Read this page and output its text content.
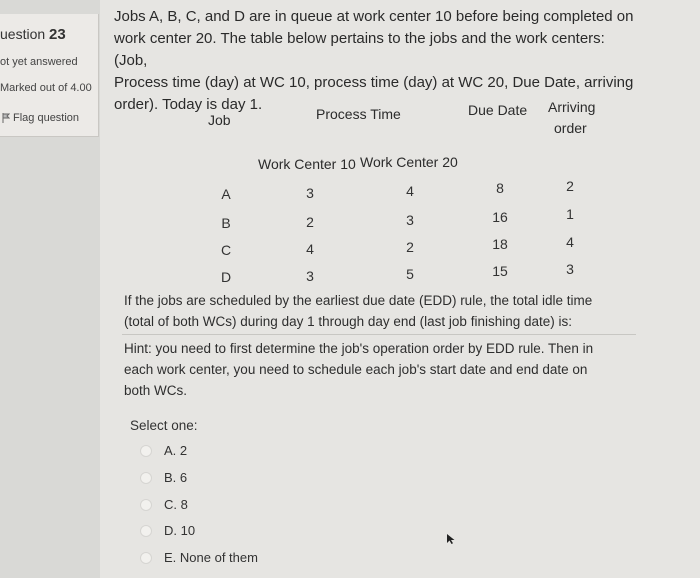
uestion 23
ot yet answered
Marked out of 4.00
Flag question
Jobs A, B, C, and D are in queue at work center 10 before being completed on
work center 20. The table below pertains to the jobs and the work centers: (Job,
Process time (day) at WC 10, process time (day) at WC 20, Due Date, arriving
order). Today is day 1.
Job	Process Time	Due Date Arriving
order
Work Center 10 Work Center 20
A	3	4	8	2
B	2	3	16	1
C	4	2	18	4
D	3	5	15	3
If the jobs are scheduled by the earliest due date (EDD) rule, the total idle time
(total of both WCs) during day 1 through day end (last job finishing date) is:
Hint: you need to first determine the job's operation order by EDD rule. Then in
each work center, you need to schedule each job's start date and end date on
both WCs.
Select one:
A. 2
B. 6
C. 8
D. 10
E. None of them
